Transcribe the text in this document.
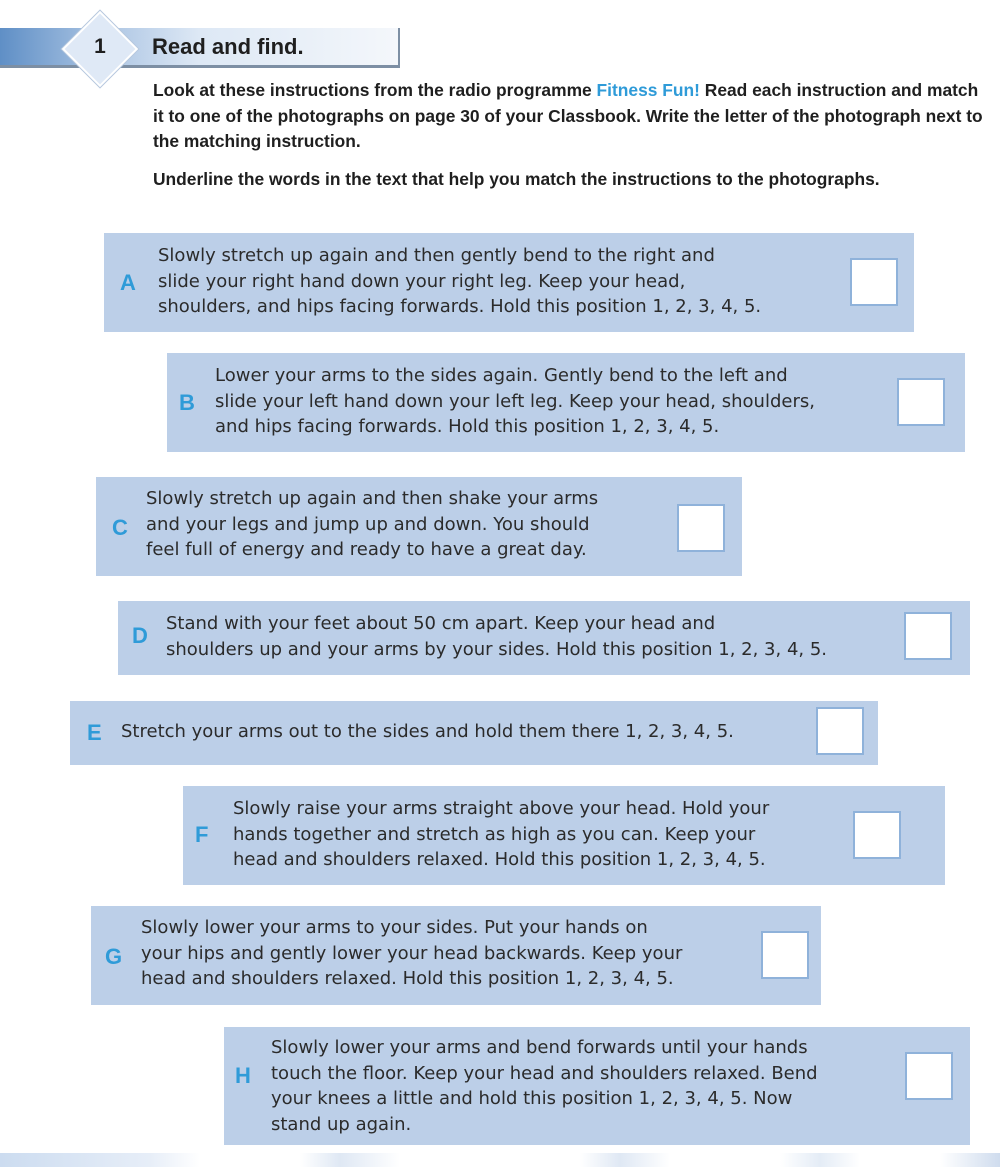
1	Read and find.

Look at these instructions from the radio programme Fitness Fun! Read each instruction and match it to one of the photographs on page 30 of your Classbook. Write the letter of the photograph next to the matching instruction.

Underline the words in the text that help you match the instructions to the photographs.

A
Slowly stretch up again and then gently bend to the right and
slide your right hand down your right leg. Keep your head,
shoulders, and hips facing forwards. Hold this position 1, 2, 3, 4, 5.
B
Lower your arms to the sides again. Gently bend to the left and
slide your left hand down your left leg. Keep your head, shoulders,
and hips facing forwards. Hold this position 1, 2, 3, 4, 5.
C
Slowly stretch up again and then shake your arms
and your legs and jump up and down. You should
feel full of energy and ready to have a great day.
D Stand with your feet about 50 cm apart. Keep your head and
shoulders up and your arms by your sides. Hold this position 1, 2, 3, 4, 5.
E Stretch your arms out to the sides and hold them there 1, 2, 3, 4, 5.
F
Slowly raise your arms straight above your head. Hold your
hands together and stretch as high as you can. Keep your
head and shoulders relaxed. Hold this position 1, 2, 3, 4, 5.
G
Slowly lower your arms to your sides. Put your hands on
your hips and gently lower your head backwards. Keep your
head and shoulders relaxed. Hold this position 1, 2, 3, 4, 5.
H
Slowly lower your arms and bend forwards until your hands
touch the floor. Keep your head and shoulders relaxed. Bend
your knees a little and hold this position 1, 2, 3, 4, 5. Now
stand up again.
